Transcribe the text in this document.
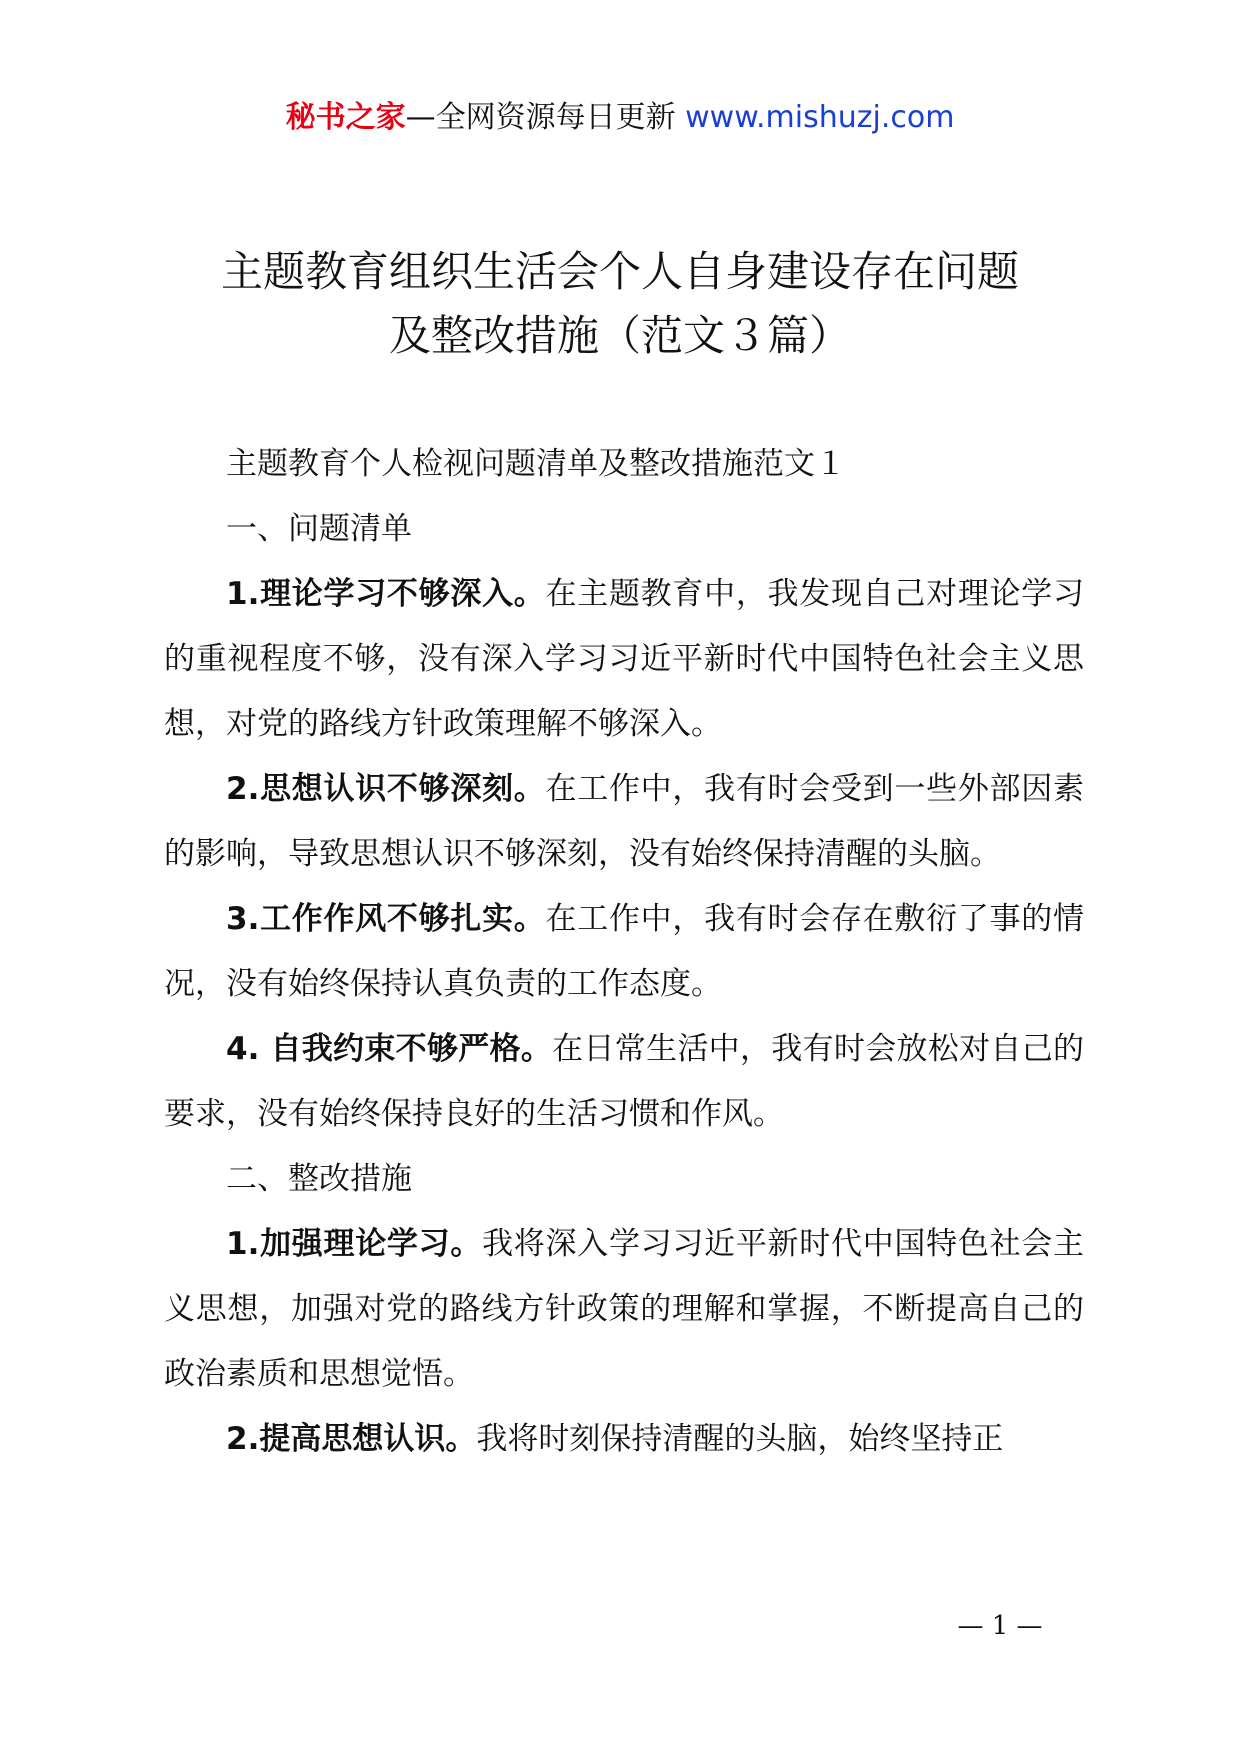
秘书之家—全网资源每日更新 www.mishuzj.com
主题教育组织生活会个人自身建设存在问题
及整改措施（范文３篇）

主题教育个人检视问题清单及整改措施范文１

一、问题清单

1.理论学习不够深入。在主题教育中，我发现自己对理论学习的重视程度不够，没有深入学习习近平新时代中国特色社会主义思想，对党的路线方针政策理解不够深入。

2.思想认识不够深刻。在工作中，我有时会受到一些外部因素的影响，导致思想认识不够深刻，没有始终保持清醒的头脑。

3.工作作风不够扎实。在工作中，我有时会存在敷衍了事的情况，没有始终保持认真负责的工作态度。

4. 自我约束不够严格。在日常生活中，我有时会放松对自己的要求，没有始终保持良好的生活习惯和作风。

二、整改措施

1.加强理论学习。我将深入学习习近平新时代中国特色社会主义思想，加强对党的路线方针政策的理解和掌握，不断提高自己的政治素质和思想觉悟。

2.提高思想认识。我将时刻保持清醒的头脑，始终坚持正

— 1 —
